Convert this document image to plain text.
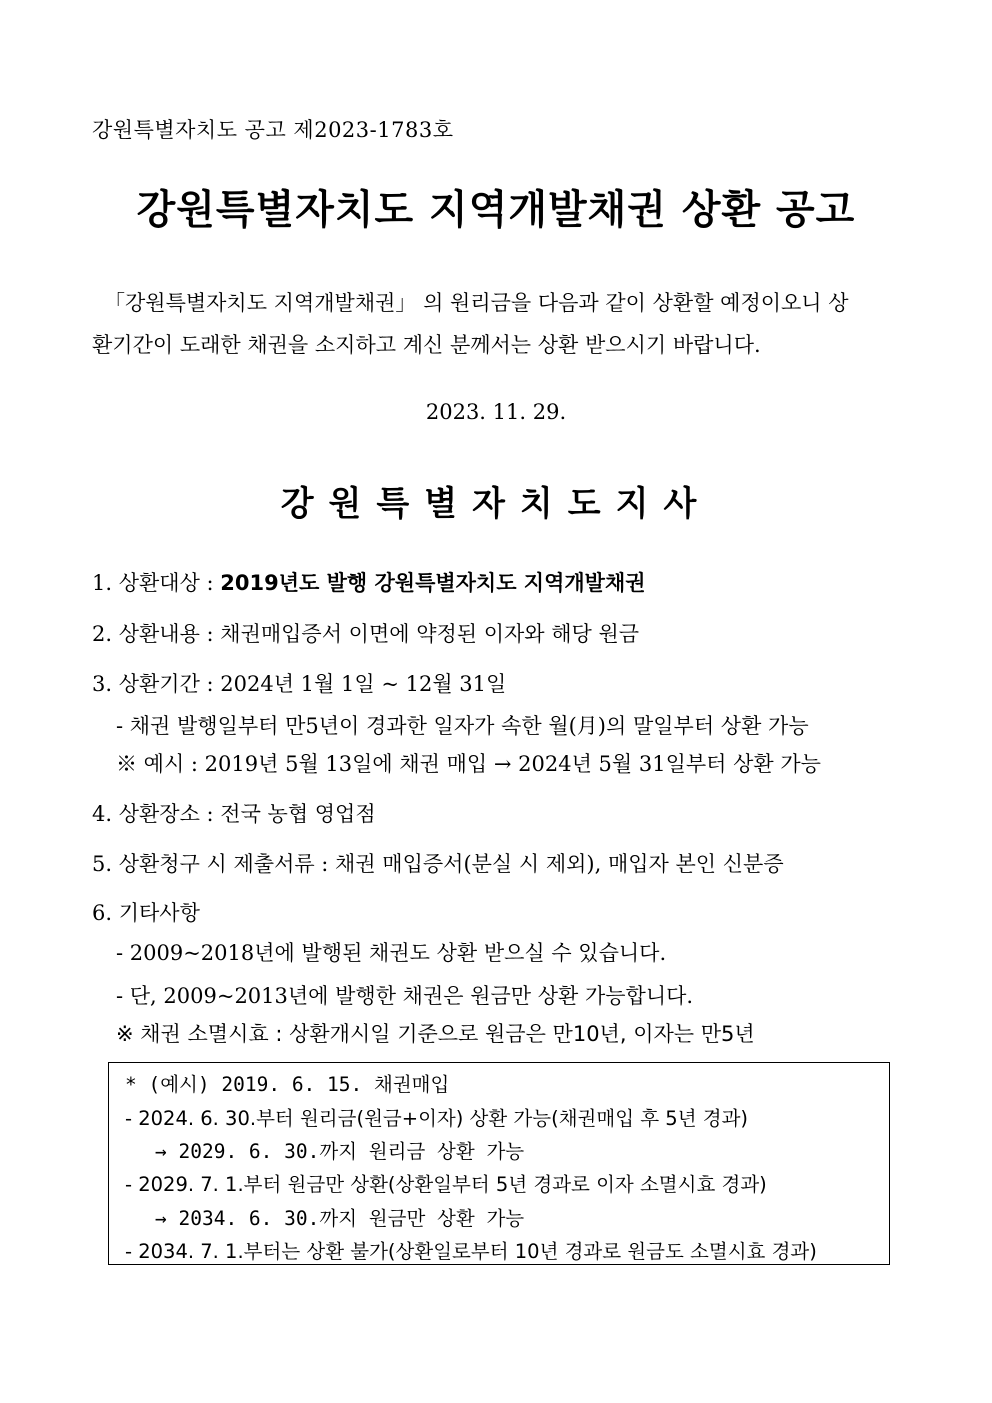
강원특별자치도 공고 제2023-1783호
강원특별자치도 지역개발채권 상환 공고
「강원특별자치도 지역개발채권」 의 원리금을 다음과 같이 상환할 예정이오니 상
환기간이 도래한 채권을 소지하고 계신 분께서는 상환 받으시기 바랍니다.
2023. 11. 29.
강원특별자치도지사
1. 상환대상 : 2019년도 발행 강원특별자치도 지역개발채권
2. 상환내용 : 채권매입증서 이면에 약정된 이자와 해당 원금
3. 상환기간 : 2024년 1월 1일 ~ 12월 31일
- 채권 발행일부터 만5년이 경과한 일자가 속한 월(月)의 말일부터 상환 가능
※ 예시 : 2019년 5월 13일에 채권 매입 → 2024년 5월 31일부터 상환 가능
4. 상환장소 : 전국 농협 영업점
5. 상환청구 시 제출서류 : 채권 매입증서(분실 시 제외), 매입자 본인 신분증
6. 기타사항
- 2009~2018년에 발행된 채권도 상환 받으실 수 있습니다.
- 단, 2009~2013년에 발행한 채권은 원금만 상환 가능합니다.
※ 채권 소멸시효 : 상환개시일 기준으로 원금은 만10년, 이자는 만5년
* (예시) 2019. 6. 15. 채권매입
- 2024. 6. 30.부터 원리금(원금+이자) 상환 가능(채권매입 후 5년 경과)
→ 2029. 6. 30.까지 원리금 상환 가능
- 2029. 7. 1.부터 원금만 상환(상환일부터 5년 경과로 이자 소멸시효 경과)
→ 2034. 6. 30.까지 원금만 상환 가능
- 2034. 7. 1.부터는 상환 불가(상환일로부터 10년 경과로 원금도 소멸시효 경과)
